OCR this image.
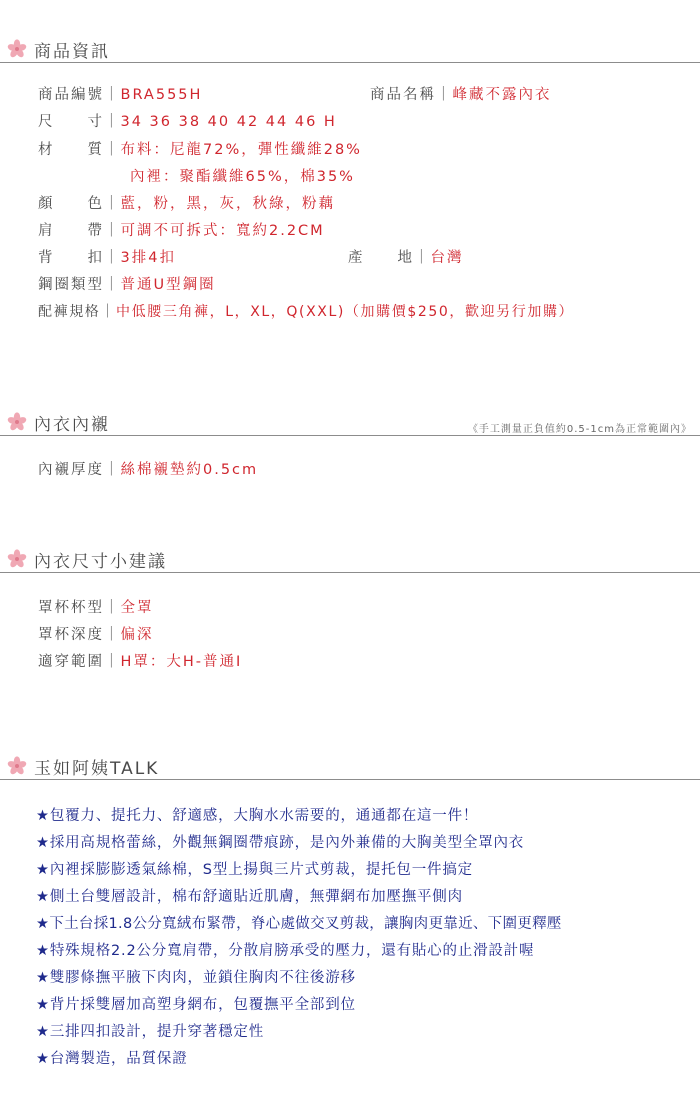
商品資訊
商品編號｜BRA555H	商品名稱｜峰藏不露內衣
尺　　寸｜34 36 38 40 42 44 46 H
材　　質｜布料：尼龍72%，彈性纖維28%
內裡：聚酯纖維65%，棉35%
顏　　色｜藍，粉，黑，灰，秋綠，粉藕
肩　　帶｜可調不可拆式：寬約2.2CM
背　　扣｜3排4扣	產　　地｜台灣
鋼圈類型｜普通U型鋼圈
配褲規格｜中低腰三角褲，L，XL，Q(XXL)（加購價$250，歡迎另行加購）
內衣內襯	《手工測量正負值約0.5-1cm為正常範圍內》
內襯厚度｜絲棉襯墊約0.5cm
內衣尺寸小建議
罩杯杯型｜全罩
罩杯深度｜偏深
適穿範圍｜H罩：大H-普通I
玉如阿姨TALK
★包覆力、提托力、舒適感，大胸水水需要的，通通都在這一件！
★採用高規格蕾絲，外觀無鋼圈帶痕跡，是內外兼備的大胸美型全罩內衣
★內裡採膨膨透氣絲棉，S型上揚與三片式剪裁，提托包一件搞定
★側土台雙層設計，棉布舒適貼近肌膚，無彈網布加壓撫平側肉
★下土台採1.8公分寬絨布緊帶，脊心處做交叉剪裁，讓胸肉更靠近、下圍更釋壓
★特殊規格2.2公分寬肩帶，分散肩膀承受的壓力，還有貼心的止滑設計喔
★雙膠條撫平腋下肉肉，並鎖住胸肉不往後游移
★背片採雙層加高塑身網布，包覆撫平全部到位
★三排四扣設計，提升穿著穩定性
★台灣製造，品質保證
